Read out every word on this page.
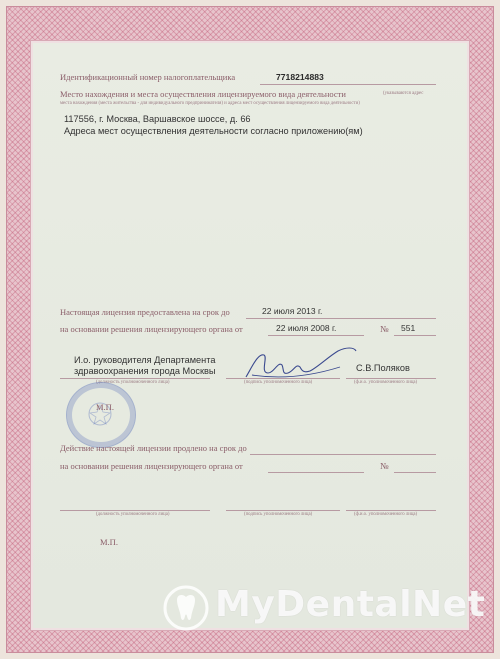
Идентификационный номер налогоплательщика	7718214883
Место нахождения и места осуществления лицензируемого вида деятельности	(указываются адрес
места нахождения (места жительства - для индивидуального предпринимателя) и адреса мест осуществления лицензируемого вида деятельности)
117556, г. Москва, Варшавское шоссе, д. 66
Адреса мест осуществления деятельности согласно приложению(ям)
Настоящая лицензия предоставлена на срок до	22 июля 2013 г.
на основании решения лицензирующего органа от	22 июля 2008 г.	№ 551
И.о. руководителя Департамента
здравоохранения города Москвы	С.В.Поляков
(должность уполномоченного лица)	(подпись уполномоченного лица)	(ф.и.о. уполномоченного лица)
М.П.
Действие настоящей лицензии продлено на срок до
на основании решения лицензирующего органа от	№
(должность уполномоченного лица)	(подпись уполномоченного лица)	(ф.и.о. уполномоченного лица)
М.П.
MyDentalNet
